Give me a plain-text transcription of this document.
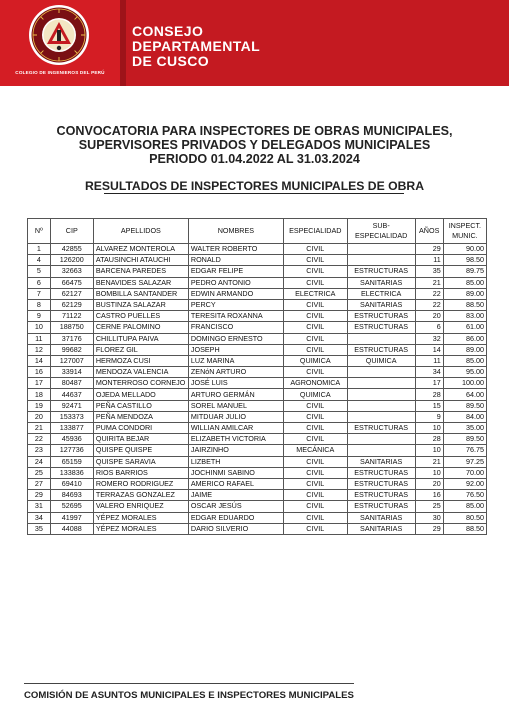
COLEGIO DE INGENIEROS DEL PERÚ
CONSEJO
DEPARTAMENTAL
DE CUSCO
CONVOCATORIA PARA INSPECTORES DE OBRAS MUNICIPALES,
SUPERVISORES PRIVADOS Y DELEGADOS MUNICIPALES
PERIODO 01.04.2022 AL 31.03.2024
RESULTADOS DE INSPECTORES MUNICIPALES DE OBRA
Nº	CIP	APELLIDOS	NOMBRES	ESPECIALIDAD	SUB-ESPECIALIDAD	AÑOS	INSPECT. MUNIC.
1	42855	ALVAREZ MONTEROLA	WALTER ROBERTO	CIVIL		29	90.00
4	126200	ATAUSINCHI ATAUCHI	RONALD	CIVIL		11	98.50
5	32663	BARCENA PAREDES	EDGAR FELIPE	CIVIL	ESTRUCTURAS	35	89.75
6	66475	BENAVIDES SALAZAR	PEDRO ANTONIO	CIVIL	SANITARIAS	21	85.00
7	62127	BOMBILLA SANTANDER	EDWIN ARMANDO	ELECTRICA	ELECTRICA	22	89.00
8	62129	BUSTINZA SALAZAR	PERCY	CIVIL	SANITARIAS	22	88.50
9	71122	CASTRO PUELLES	TERESITA ROXANNA	CIVIL	ESTRUCTURAS	20	83.00
10	188750	CERNE PALOMINO	FRANCISCO	CIVIL	ESTRUCTURAS	6	61.00
11	37176	CHILLITUPA PAIVA	DOMINGO ERNESTO	CIVIL		32	86.00
12	99682	FLOREZ GIL	JOSEPH	CIVIL	ESTRUCTURAS	14	89.00
14	127007	HERMOZA CUSI	LUZ MARINA	QUIMICA	QUIMICA	11	85.00
16	33914	MENDOZA VALENCIA	ZENóN ARTURO	CIVIL		34	95.00
17	80487	MONTERROSO CORNEJO	JOSÉ LUIS	AGRONOMICA		17	100.00
18	44637	OJEDA MELLADO	ARTURO GERMÁN	QUIMICA		28	64.00
19	92471	PEÑA CASTILLO	SOREL MANUEL	CIVIL		15	89.50
20	153373	PEÑA MENDOZA	MITDUAR JULIO	CIVIL		9	84.00
21	133877	PUMA CONDORI	WILLIAN AMILCAR	CIVIL	ESTRUCTURAS	10	35.00
22	45936	QUIRITA BEJAR	ELIZABETH VICTORIA	CIVIL		28	89.50
23	127736	QUISPE QUISPE	JAIRZINHO	MECÁNICA		10	76.75
24	65159	QUISPE SARAVIA	LIZBETH	CIVIL	SANITARIAS	21	97.25
25	133836	RIOS BARRIOS	JOCHINMI SABINO	CIVIL	ESTRUCTURAS	10	70.00
27	69410	ROMERO RODRIGUEZ	AMERICO RAFAEL	CIVIL	ESTRUCTURAS	20	92.00
29	84693	TERRAZAS GONZALEZ	JAIME	CIVIL	ESTRUCTURAS	16	76.50
31	52695	VALERO ENRIQUEZ	OSCAR JESÚS	CIVIL	ESTRUCTURAS	25	85.00
34	41997	YÉPEZ MORALES	EDGAR EDUARDO	CIVIL	SANITARIAS	30	80.50
35	44088	YÉPEZ MORALES	DARIO SILVERIO	CIVIL	SANITARIAS	29	88.50
COMISIÓN DE ASUNTOS MUNICIPALES E INSPECTORES MUNICIPALES
